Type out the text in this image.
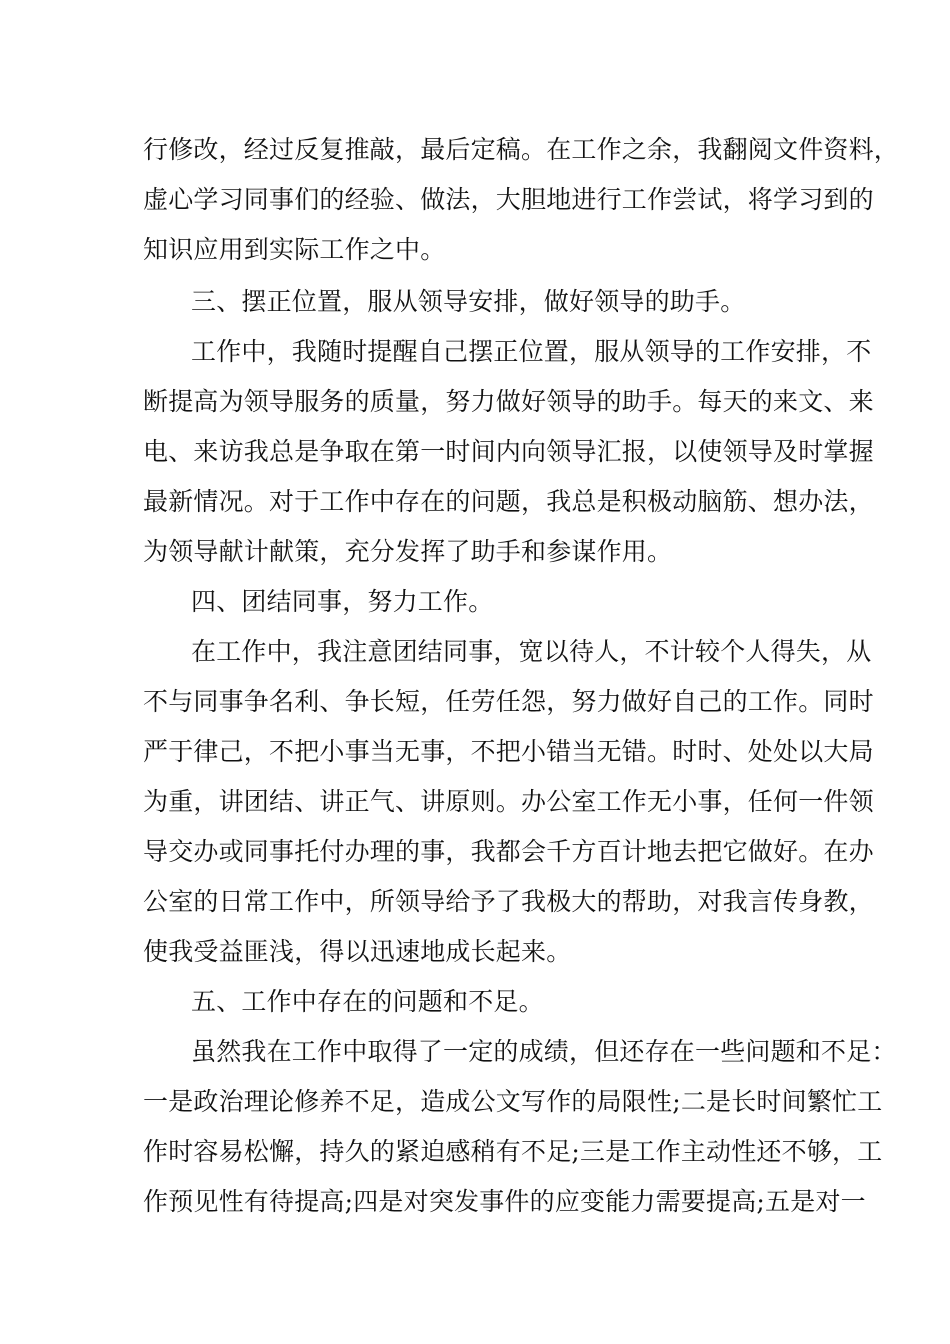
行修改，经过反复推敲，最后定稿。在工作之余，我翻阅文件资料，
虚心学习同事们的经验、做法，大胆地进行工作尝试，将学习到的
知识应用到实际工作之中。
三、摆正位置，服从领导安排，做好领导的助手。
工作中，我随时提醒自己摆正位置，服从领导的工作安排，不
断提高为领导服务的质量，努力做好领导的助手。每天的来文、来
电、来访我总是争取在第一时间内向领导汇报，以使领导及时掌握
最新情况。对于工作中存在的问题，我总是积极动脑筋、想办法，
为领导献计献策，充分发挥了助手和参谋作用。
四、团结同事，努力工作。
在工作中，我注意团结同事，宽以待人，不计较个人得失，从
不与同事争名利、争长短，任劳任怨，努力做好自己的工作。同时
严于律己，不把小事当无事，不把小错当无错。时时、处处以大局
为重，讲团结、讲正气、讲原则。办公室工作无小事，任何一件领
导交办或同事托付办理的事，我都会千方百计地去把它做好。在办
公室的日常工作中，所领导给予了我极大的帮助，对我言传身教，
使我受益匪浅，得以迅速地成长起来。
五、工作中存在的问题和不足。
虽然我在工作中取得了一定的成绩，但还存在一些问题和不足：
一是政治理论修养不足，造成公文写作的局限性;二是长时间繁忙工
作时容易松懈，持久的紧迫感稍有不足;三是工作主动性还不够，工
作预见性有待提高;四是对突发事件的应变能力需要提高;五是对一
